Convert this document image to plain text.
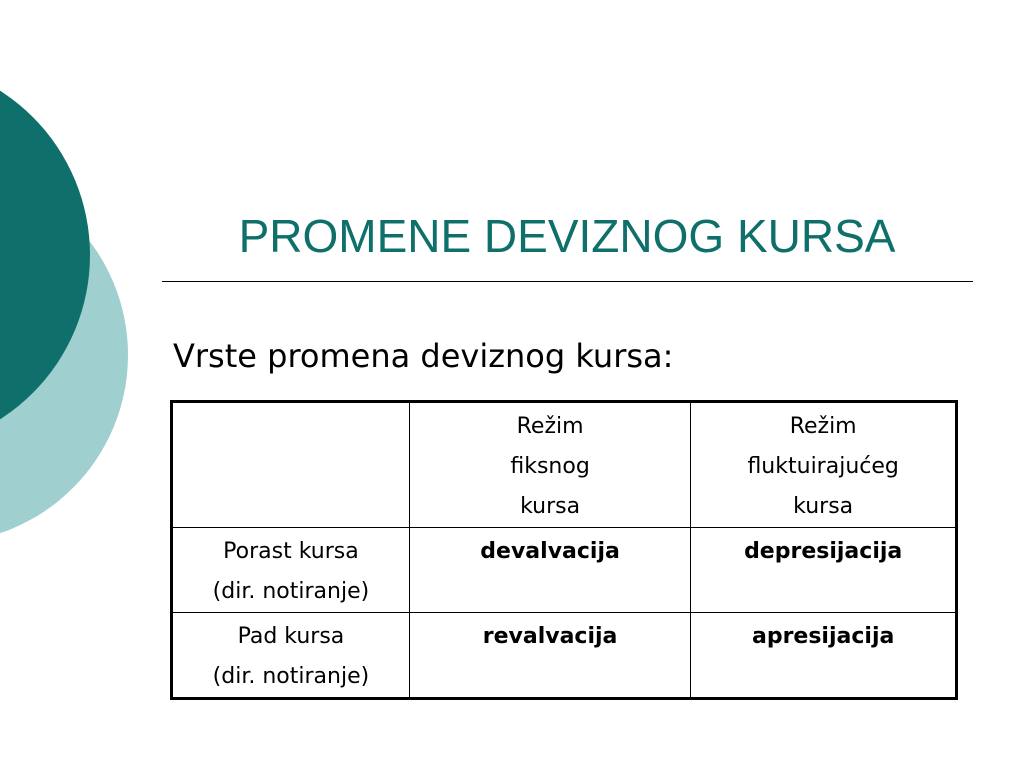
PROMENE DEVIZNOG KURSA
Vrste promena deviznog kursa:

	Režim
fiksnog
kursa	Režim
fluktuirajućeg
kursa

Porast kursa
(dir. notiranje)	devalvacija	depresijacija

Pad kursa
(dir. notiranje)	revalvacija	apresijacija
